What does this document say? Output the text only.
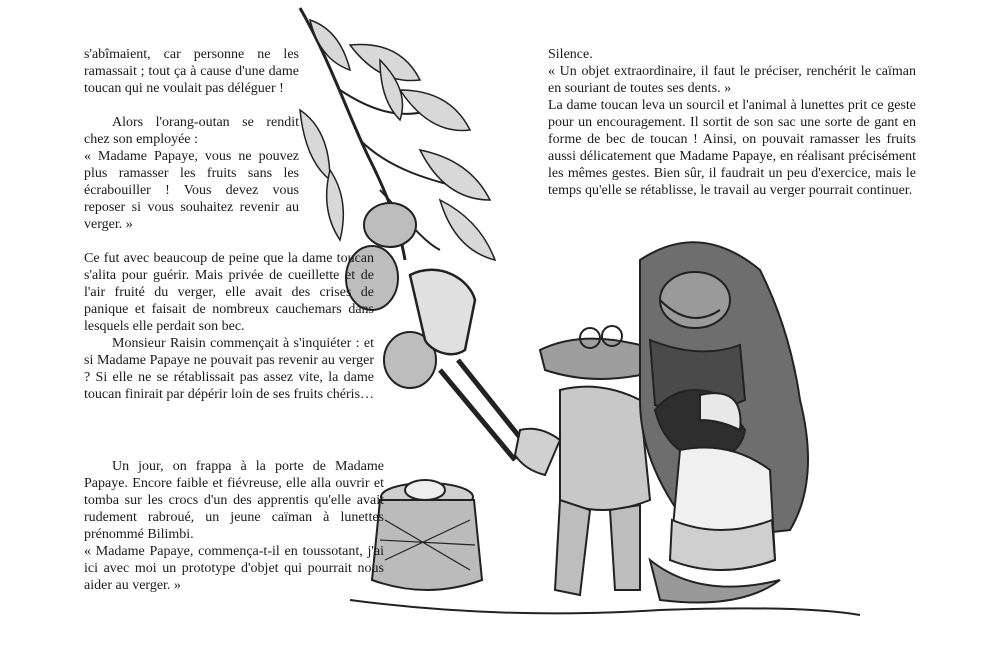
s'abîmaient, car personne ne les ramassait ; tout ça à cause d'une dame toucan qui ne voulait pas déléguer !

Alors l'orang-outan se rendit chez son employée :

« Madame Papaye, vous ne pouvez plus ramasser les fruits sans les écrabouiller ! Vous devez vous reposer si vous souhaitez revenir au verger. »

Ce fut avec beaucoup de peine que la dame toucan s'alita pour guérir. Mais privée de cueillette et de l'air fruité du verger, elle avait des crises de panique et faisait de nombreux cauchemars dans lesquels elle perdait son bec.

Monsieur Raisin commençait à s'inquiéter : et si Madame Papaye ne pouvait pas revenir au verger ? Si elle ne se rétablissait pas assez vite, la dame toucan finirait par dépérir loin de ses fruits chéris…

Un jour, on frappa à la porte de Madame Papaye. Encore faible et fiévreuse, elle alla ouvrir et tomba sur les crocs d'un des apprentis qu'elle avait rudement rabroué, un jeune caïman à lunettes prénommé Bilimbi.

« Madame Papaye, commença-t-il en toussotant, j'ai ici avec moi un prototype d'objet qui pourrait nous aider au verger. »

Silence.

« Un objet extraordinaire, il faut le préciser, renchérit le caïman en souriant de toutes ses dents. »

La dame toucan leva un sourcil et l'animal à lunettes prit ce geste pour un encouragement. Il sortit de son sac une sorte de gant en forme de bec de toucan ! Ainsi, on pouvait ramasser les fruits aussi délicatement que Madame Papaye, en réalisant précisément les mêmes gestes. Bien sûr, il faudrait un peu d'exercice, mais le temps qu'elle se rétablisse, le travail au verger pourrait continuer.
